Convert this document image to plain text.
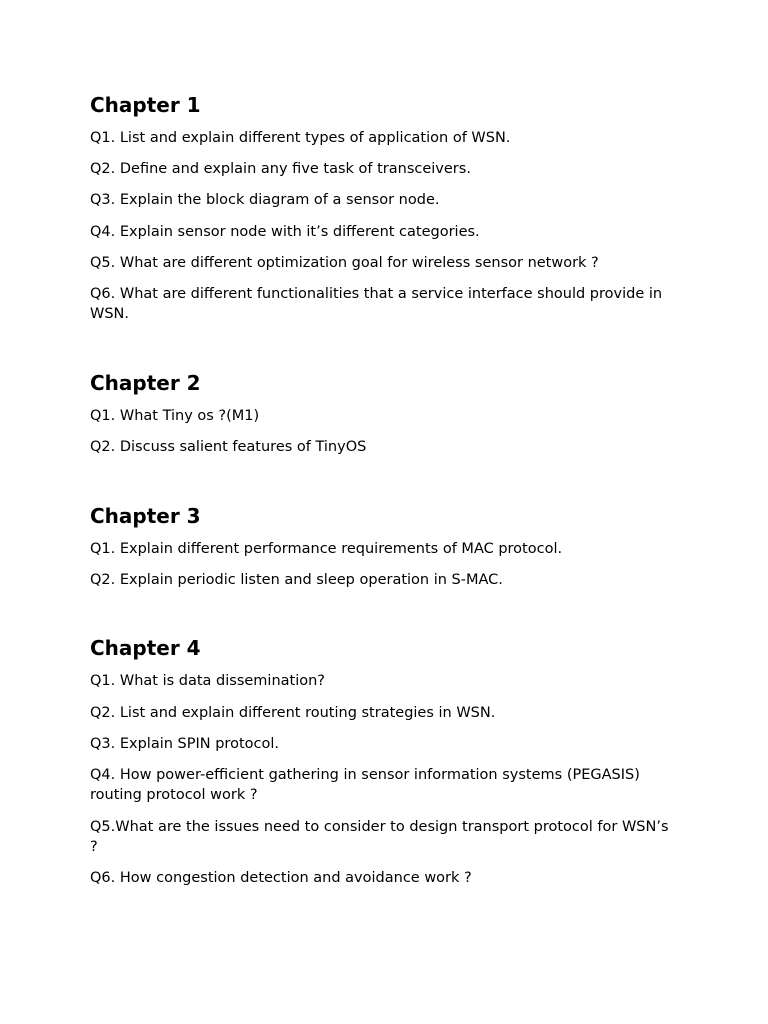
Chapter 1
Q1. List and explain different types of application of WSN.
Q2. Define and explain any five task of transceivers.
Q3. Explain the block diagram of a sensor node.
Q4. Explain sensor node with it’s different categories.
Q5. What are different optimization goal for wireless sensor network ?
Q6. What are different functionalities that a service interface should provide in WSN.
Chapter 2
Q1. What Tiny os ?(M1)
Q2. Discuss salient features of TinyOS
Chapter 3
Q1. Explain different performance requirements of MAC protocol.
Q2. Explain periodic listen and sleep operation in S-MAC.
Chapter 4
Q1. What is data dissemination?
Q2. List and explain different routing strategies in WSN.
Q3. Explain SPIN protocol.
Q4. How power-efficient gathering in sensor information systems (PEGASIS) routing protocol work ?
Q5.What are the issues need to consider to design transport protocol for WSN’s ?
Q6. How congestion detection and avoidance work ?
